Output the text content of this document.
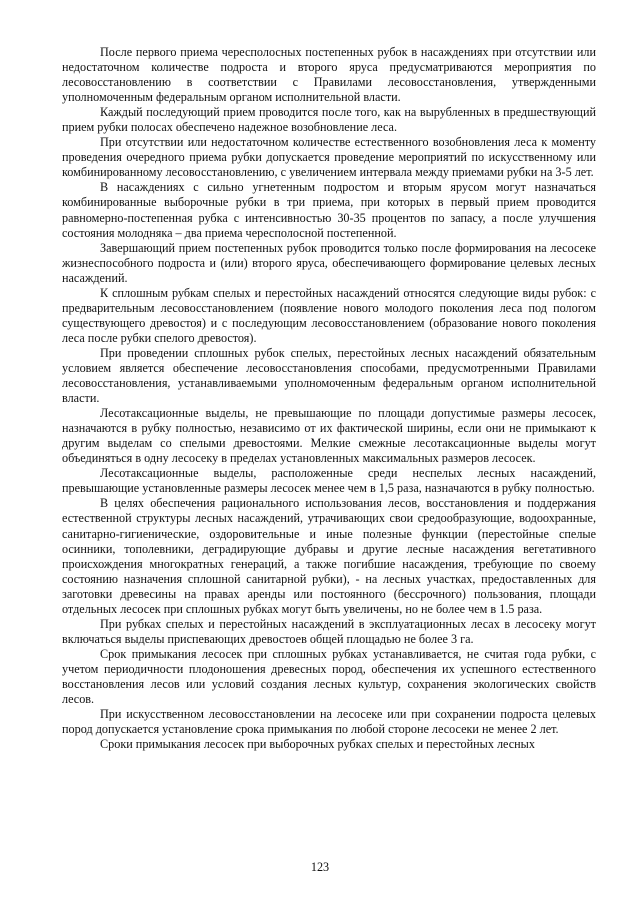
После первого приема чересполосных постепенных рубок в насаждениях при отсутствии или недостаточном количестве подроста и второго яруса предусматриваются мероприятия по лесовосстановлению в соответствии с Правилами лесовосстановления, утвержденными уполномоченным федеральным органом исполнительной власти.

Каждый последующий прием проводится после того, как на вырубленных в предшествующий прием рубки полосах обеспечено надежное возобновление леса.

При отсутствии или недостаточном количестве естественного возобновления леса к моменту проведения очередного приема рубки допускается проведение мероприятий по искусственному или комбинированному лесовосстановлению, с увеличением интервала между приемами рубки на 3-5 лет.

В насаждениях с сильно угнетенным подростом и вторым ярусом могут назначаться комбинированные выборочные рубки в три приема, при которых в первый прием проводится равномерно-постепенная рубка с интенсивностью 30-35 процентов по запасу, а после улучшения состояния молодняка – два приема чересполосной постепенной.

Завершающий прием постепенных рубок проводится только после формирования на лесосеке жизнеспособного подроста и (или) второго яруса, обеспечивающего формирование целевых лесных насаждений.

К сплошным рубкам спелых и перестойных насаждений относятся следующие виды рубок: с предварительным лесовосстановлением (появление нового молодого поколения леса под пологом существующего древостоя) и с последующим лесовосстановлением (образование нового поколения леса после рубки спелого древостоя).

При проведении сплошных рубок спелых, перестойных лесных насаждений обязательным условием является обеспечение лесовосстановления способами, предусмотренными Правилами лесовосстановления, устанавливаемыми уполномоченным федеральным органом исполнительной власти.

Лесотаксационные выделы, не превышающие по площади допустимые размеры лесосек, назначаются в рубку полностью, независимо от их фактической ширины, если они не примыкают к другим выделам со спелыми древостоями. Мелкие смежные лесотаксационные выделы могут объединяться в одну лесосеку в пределах установленных максимальных размеров лесосек.

Лесотаксационные выделы, расположенные среди неспелых лесных насаждений, превышающие установленные размеры лесосек менее чем в 1,5 раза, назначаются в рубку полностью.

В целях обеспечения рационального использования лесов, восстановления и поддержания естественной структуры лесных насаждений, утрачивающих свои средообразующие, водоохранные, санитарно-гигиенические, оздоровительные и иные полезные функции (перестойные спелые осинники, тополевники, деградирующие дубравы и другие лесные насаждения вегетативного происхождения многократных генераций, а также погибшие насаждения, требующие по своему состоянию назначения сплошной санитарной рубки), - на лесных участках, предоставленных для заготовки древесины на правах аренды или постоянного (бессрочного) пользования, площади отдельных лесосек при сплошных рубках могут быть увеличены, но не более чем в 1.5 раза.

При рубках спелых и перестойных насаждений в эксплуатационных лесах в лесосеку могут включаться выделы приспевающих древостоев общей площадью не более 3 га.

Срок примыкания лесосек при сплошных рубках устанавливается, не считая года рубки, с учетом периодичности плодоношения древесных пород, обеспечения их успешного естественного восстановления лесов или условий создания лесных культур, сохранения экологических свойств лесов.

При искусственном лесовосстановлении на лесосеке или при сохранении подроста целевых пород допускается установление срока примыкания по любой стороне лесосеки не менее 2 лет.

Сроки примыкания лесосек при выборочных рубках спелых и перестойных лесных

123
